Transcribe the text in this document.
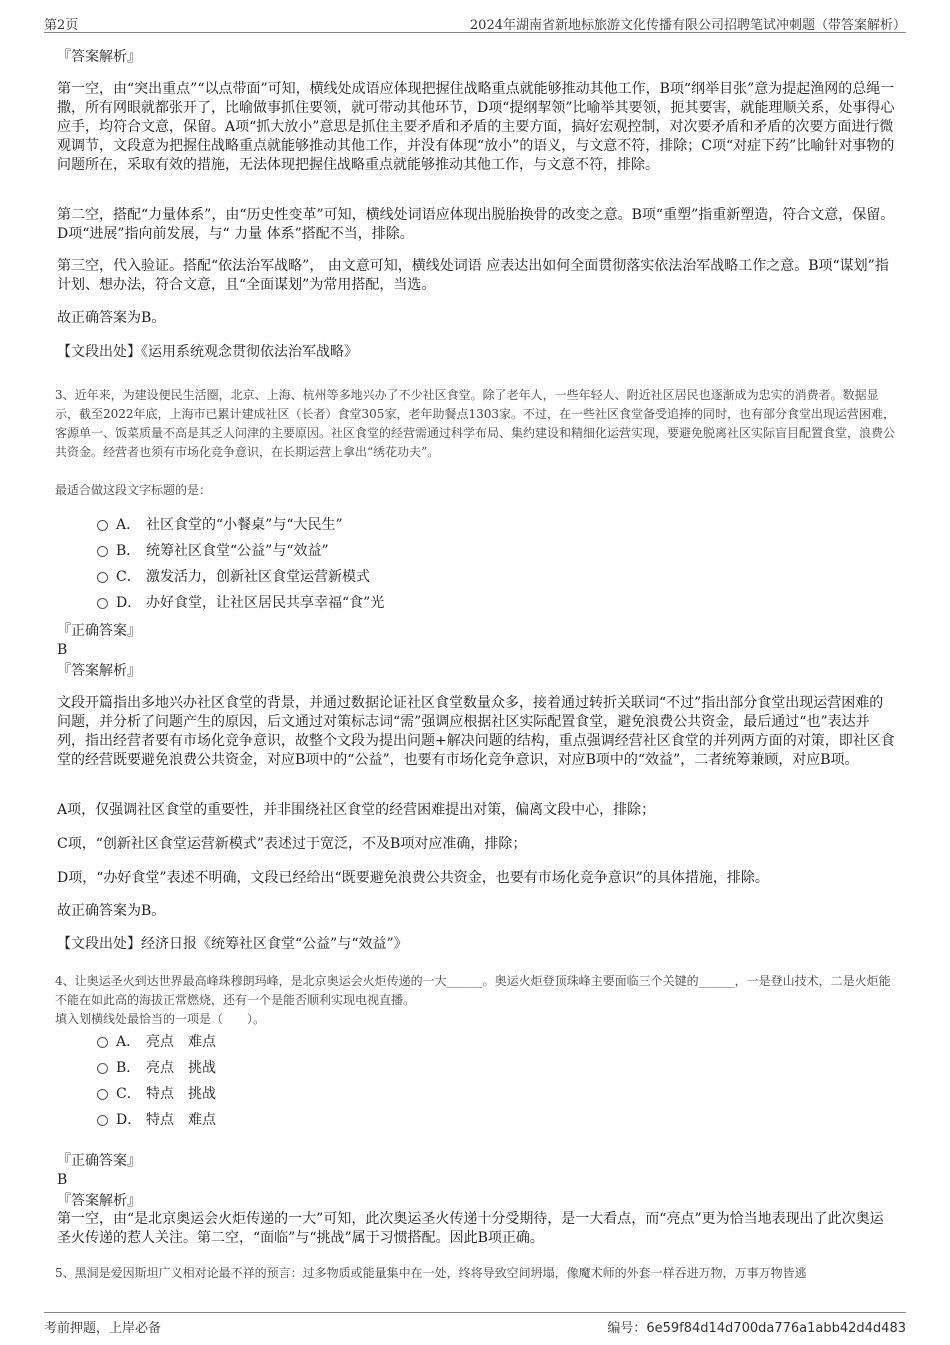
第2页	2024年湖南省新地标旅游文化传播有限公司招聘笔试冲刺题（带答案解析）
『答案解析』
第一空，由“突出重点”“以点带面”可知，横线处成语应体现把握住战略重点就能够推动其他工作，B项“纲举目张”意为提起渔网的总绳一撒，所有网眼就都张开了，比喻做事抓住要领，就可带动其他环节，D项“提纲挈领”比喻举其要领，扼其要害，就能理顺关系，处事得心应手，均符合文意，保留。A项“抓大放小”意思是抓住主要矛盾和矛盾的主要方面，搞好宏观控制，对次要矛盾和矛盾的次要方面进行微观调节，文段意为把握住战略重点就能够推动其他工作，并没有体现“放小”的语义，与文意不符，排除；C项“对症下药”比喻针对事物的问题所在，采取有效的措施，无法体现把握住战略重点就能够推动其他工作，与文意不符，排除。
第二空，搭配“力量体系”，由“历史性变革”可知，横线处词语应体现出脱胎换骨的改变之意。B项“重塑”指重新塑造，符合文意，保留。D项“进展”指向前发展，与“ 力量 体系”搭配不当，排除。
第三空，代入验证。搭配“依法治军战略”， 由文意可知，横线处词语 应表达出如何全面贯彻落实依法治军战略工作之意。B项“谋划”指计划、想办法，符合文意，且“全面谋划”为常用搭配，当选。
故正确答案为B。
【文段出处】《运用系统观念贯彻依法治军战略》
3、近年来，为建设便民生活圈，北京、上海、杭州等多地兴办了不少社区食堂。除了老年人，一些年轻人、附近社区居民也逐渐成为忠实的消费者。数据显示，截至2022年底，上海市已累计建成社区（长者）食堂305家，老年助餐点1303家。不过，在一些社区食堂备受追捧的同时，也有部分食堂出现运营困难，客源单一、饭菜质量不高是其乏人问津的主要原因。社区食堂的经营需通过科学布局、集约建设和精细化运营实现，要避免脱离社区实际盲目配置食堂，浪费公共资金。经营者也须有市场化竞争意识，在长期运营上拿出“绣花功夫”。
最适合做这段文字标题的是：
A． 社区食堂的“小餐桌”与“大民生”
B． 统筹社区食堂“公益”与“效益”
C． 激发活力，创新社区食堂运营新模式
D． 办好食堂，让社区居民共享幸福“食”光
『正确答案』
B
『答案解析』
文段开篇指出多地兴办社区食堂的背景，并通过数据论证社区食堂数量众多，接着通过转折关联词“不过”指出部分食堂出现运营困难的问题，并分析了问题产生的原因，后文通过对策标志词“需”强调应根据社区实际配置食堂，避免浪费公共资金，最后通过“也”表达并列，指出经营者要有市场化竞争意识，故整个文段为提出问题+解决问题的结构，重点强调经营社区食堂的并列两方面的对策，即社区食堂的经营既要避免浪费公共资金，对应B项中的“公益”，也要有市场化竞争意识，对应B项中的“效益”，二者统筹兼顾，对应B项。
A项，仅强调社区食堂的重要性，并非围绕社区食堂的经营困难提出对策，偏离文段中心，排除；
C项，“创新社区食堂运营新模式”表述过于宽泛，不及B项对应准确，排除；
D项，“办好食堂”表述不明确，文段已经给出“既要避免浪费公共资金，也要有市场化竞争意识”的具体措施，排除。
故正确答案为B。
【文段出处】经济日报《统筹社区食堂“公益”与“效益”》
4、让奥运圣火到达世界最高峰珠穆朗玛峰，是北京奥运会火炬传递的一大______。奥运火炬登顶珠峰主要面临三个关键的______，一是登山技术，二是火炬能不能在如此高的海拔正常燃烧，还有一个是能否顺利实现电视直播。
填入划横线处最恰当的一项是（　　）。
A． 亮点　难点
B． 亮点　挑战
C． 特点　挑战
D． 特点　难点
『正确答案』
B
『答案解析』
第一空，由“是北京奥运会火炬传递的一大”可知，此次奥运圣火传递十分受期待，是一大看点，而“亮点”更为恰当地表现出了此次奥运圣火传递的惹人关注。第二空，“面临”与“挑战”属于习惯搭配。因此B项正确。
5、黑洞是爱因斯坦广义相对论最不祥的预言：过多物质或能量集中在一处，终将导致空间坍塌，像魔术师的外套一样吞进万物，万事万物皆逃
考前押题，上岸必备	编号：6e59f84d14d700da776a1abb42d4d483
